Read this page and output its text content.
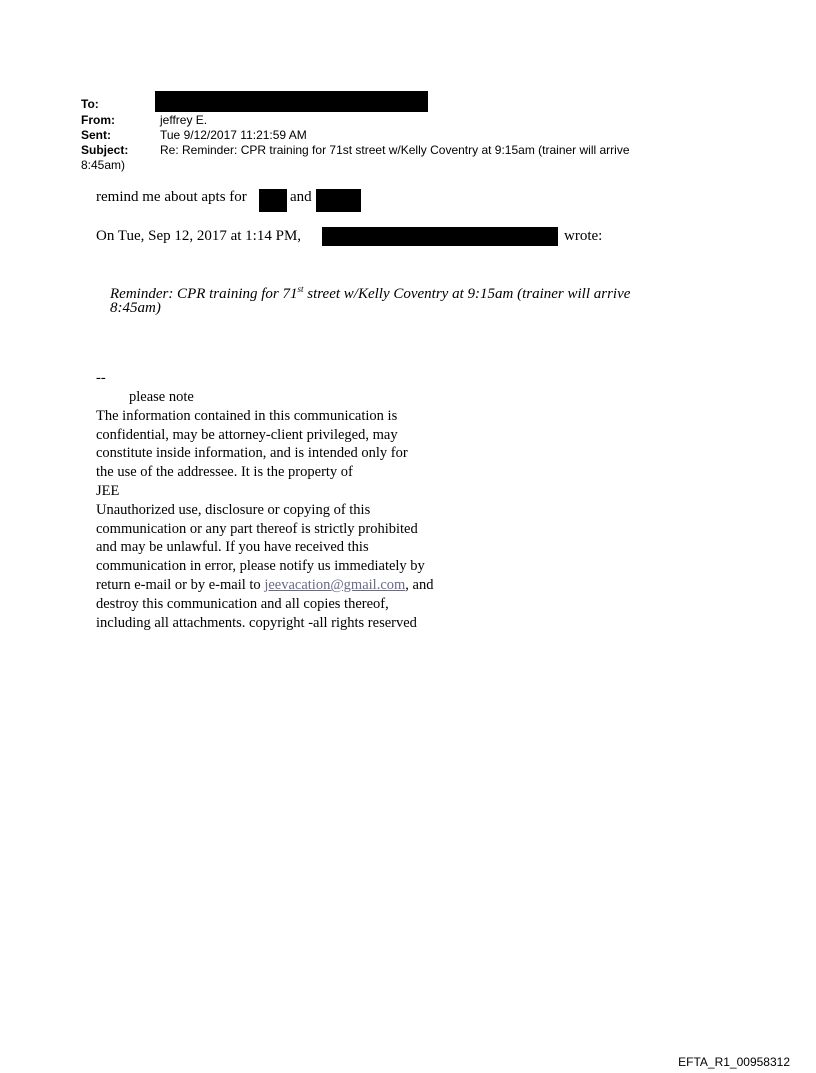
To:
From:	jeffrey E.
Sent:	Tue 9/12/2017 11:21:59 AM
Subject:	Re: Reminder: CPR training for 71st street w/Kelly Coventry at 9:15am (trainer will arrive
8:45am)
remind me about apts for	and
On Tue, Sep 12, 2017 at 1:14 PM,	wrote:
Reminder: CPR training for 71st street w/Kelly Coventry at 9:15am (trainer will arrive
8:45am)
--
please note
The information contained in this communication is
confidential, may be attorney-client privileged, may
constitute inside information, and is intended only for
the use of the addressee. It is the property of
JEE
Unauthorized use, disclosure or copying of this
communication or any part thereof is strictly prohibited
and may be unlawful. If you have received this
communication in error, please notify us immediately by
return e-mail or by e-mail to jeevacation@gmail.com, and
destroy this communication and all copies thereof,
including all attachments. copyright -all rights reserved
EFTA_R1_00958312
